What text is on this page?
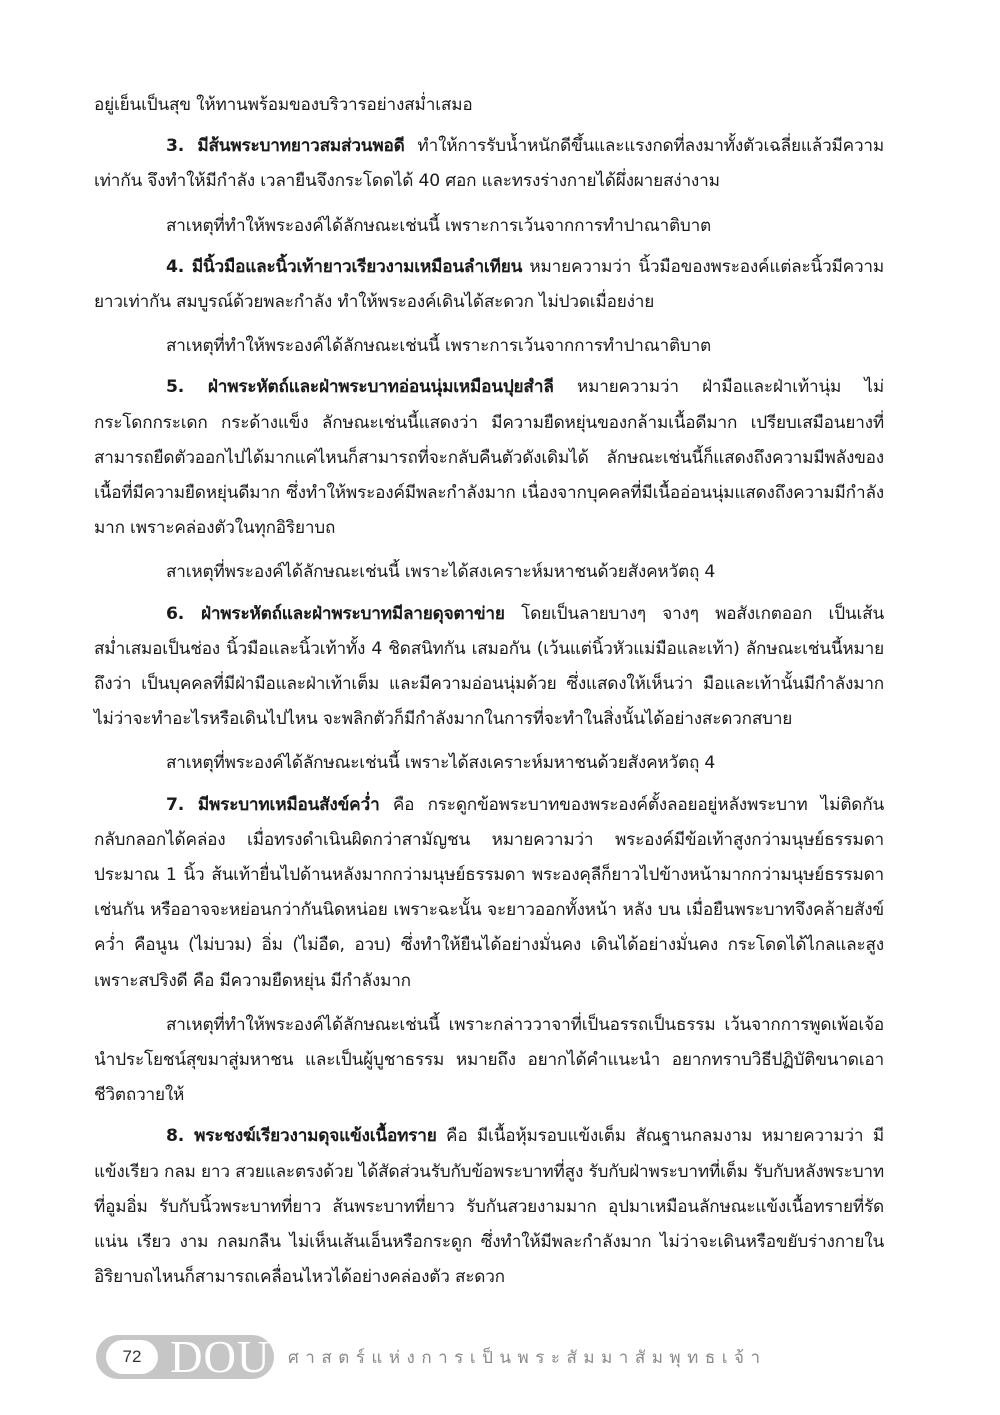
อยู่เย็นเป็นสุข ให้ทานพร้อมของบริวารอย่างสม่ำเสมอ

3. มีส้นพระบาทยาวสมส่วนพอดี ทำให้การรับน้ำหนักดีขึ้นและแรงกดที่ลงมาทั้งตัวเฉลี่ยแล้วมีความเท่ากัน จึงทำให้มีกำลัง เวลายืนจึงกระโดดได้ 40 ศอก และทรงร่างกายได้ผึ่งผายสง่างาม

สาเหตุที่ทำให้พระองค์ได้ลักษณะเช่นนี้ เพราะการเว้นจากการทำปาณาติบาต

4. มีนิ้วมือและนิ้วเท้ายาวเรียวงามเหมือนลำเทียน หมายความว่า นิ้วมือของพระองค์แต่ละนิ้วมีความยาวเท่ากัน สมบูรณ์ด้วยพละกำลัง ทำให้พระองค์เดินได้สะดวก ไม่ปวดเมื่อยง่าย

สาเหตุที่ทำให้พระองค์ได้ลักษณะเช่นนี้ เพราะการเว้นจากการทำปาณาติบาต

5. ฝ่าพระหัตถ์และฝ่าพระบาทอ่อนนุ่มเหมือนปุยสำลี หมายความว่า ฝ่ามือและฝ่าเท้านุ่ม ไม่กระโดกกระเดก กระด้างแข็ง ลักษณะเช่นนี้แสดงว่า มีความยืดหยุ่นของกล้ามเนื้อดีมาก เปรียบเสมือนยางที่สามารถยืดตัวออกไปได้มากแค่ไหนก็สามารถที่จะกลับคืนตัวดังเดิมได้ ลักษณะเช่นนี้ก็แสดงถึงความมีพลังของเนื้อที่มีความยืดหยุ่นดีมาก ซึ่งทำให้พระองค์มีพละกำลังมาก เนื่องจากบุคคลที่มีเนื้ออ่อนนุ่มแสดงถึงความมีกำลังมาก เพราะคล่องตัวในทุกอิริยาบถ

สาเหตุที่พระองค์ได้ลักษณะเช่นนี้ เพราะได้สงเคราะห์มหาชนด้วยสังคหวัตถุ 4

6. ฝ่าพระหัตถ์และฝ่าพระบาทมีลายดุจตาข่าย โดยเป็นลายบางๆ จางๆ พอสังเกตออก เป็นเส้นสม่ำเสมอเป็นช่อง นิ้วมือและนิ้วเท้าทั้ง 4 ชิดสนิทกัน เสมอกัน (เว้นแต่นิ้วหัวแม่มือและเท้า) ลักษณะเช่นนี้หมายถึงว่า เป็นบุคคลที่มีฝ่ามือและฝ่าเท้าเต็ม และมีความอ่อนนุ่มด้วย ซึ่งแสดงให้เห็นว่า มือและเท้านั้นมีกำลังมาก ไม่ว่าจะทำอะไรหรือเดินไปไหน จะพลิกตัวก็มีกำลังมากในการที่จะทำในสิ่งนั้นได้อย่างสะดวกสบาย

สาเหตุที่พระองค์ได้ลักษณะเช่นนี้ เพราะได้สงเคราะห์มหาชนด้วยสังคหวัตถุ 4

7. มีพระบาทเหมือนสังข์คว่ำ คือ กระดูกข้อพระบาทของพระองค์ตั้งลอยอยู่หลังพระบาท ไม่ติดกันกลับกลอกได้คล่อง เมื่อทรงดำเนินผิดกว่าสามัญชน หมายความว่า พระองค์มีข้อเท้าสูงกว่ามนุษย์ธรรมดาประมาณ 1 นิ้ว ส้นเท้ายื่นไปด้านหลังมากกว่ามนุษย์ธรรมดา พระองคุลีก็ยาวไปข้างหน้ามากกว่ามนุษย์ธรรมดาเช่นกัน หรืออาจจะหย่อนกว่ากันนิดหน่อย เพราะฉะนั้น จะยาวออกทั้งหน้า หลัง บน เมื่อยืนพระบาทจึงคล้ายสังข์คว่ำ คือนูน (ไม่บวม) อิ่ม (ไม่อืด, อวบ) ซึ่งทำให้ยืนได้อย่างมั่นคง เดินได้อย่างมั่นคง กระโดดได้ไกลและสูง เพราะสปริงดี คือ มีความยืดหยุ่น มีกำลังมาก

สาเหตุที่ทำให้พระองค์ได้ลักษณะเช่นนี้ เพราะกล่าววาจาที่เป็นอรรถเป็นธรรม เว้นจากการพูดเพ้อเจ้อ นำประโยชน์สุขมาสู่มหาชน และเป็นผู้บูชาธรรม หมายถึง อยากได้คำแนะนำ อยากทราบวิธีปฏิบัติขนาดเอาชีวิตถวายให้

8. พระชงฆ์เรียวงามดุจแข้งเนื้อทราย คือ มีเนื้อหุ้มรอบแข้งเต็ม สัณฐานกลมงาม หมายความว่า มีแข้งเรียว กลม ยาว สวยและตรงด้วย ได้สัดส่วนรับกับข้อพระบาทที่สูง รับกับฝ่าพระบาทที่เต็ม รับกับหลังพระบาทที่อูมอิ่ม รับกับนิ้วพระบาทที่ยาว ส้นพระบาทที่ยาว รับกันสวยงามมาก อุปมาเหมือนลักษณะแข้งเนื้อทรายที่รัด แน่น เรียว งาม กลมกลืน ไม่เห็นเส้นเอ็นหรือกระดูก ซึ่งทำให้มีพละกำลังมาก ไม่ว่าจะเดินหรือขยับร่างกายในอิริยาบถไหนก็สามารถเคลื่อนไหวได้อย่างคล่องตัว สะดวก

72 DOU ศาสตร์แห่งการเป็นพระสัมมาสัมพุทธเจ้า
